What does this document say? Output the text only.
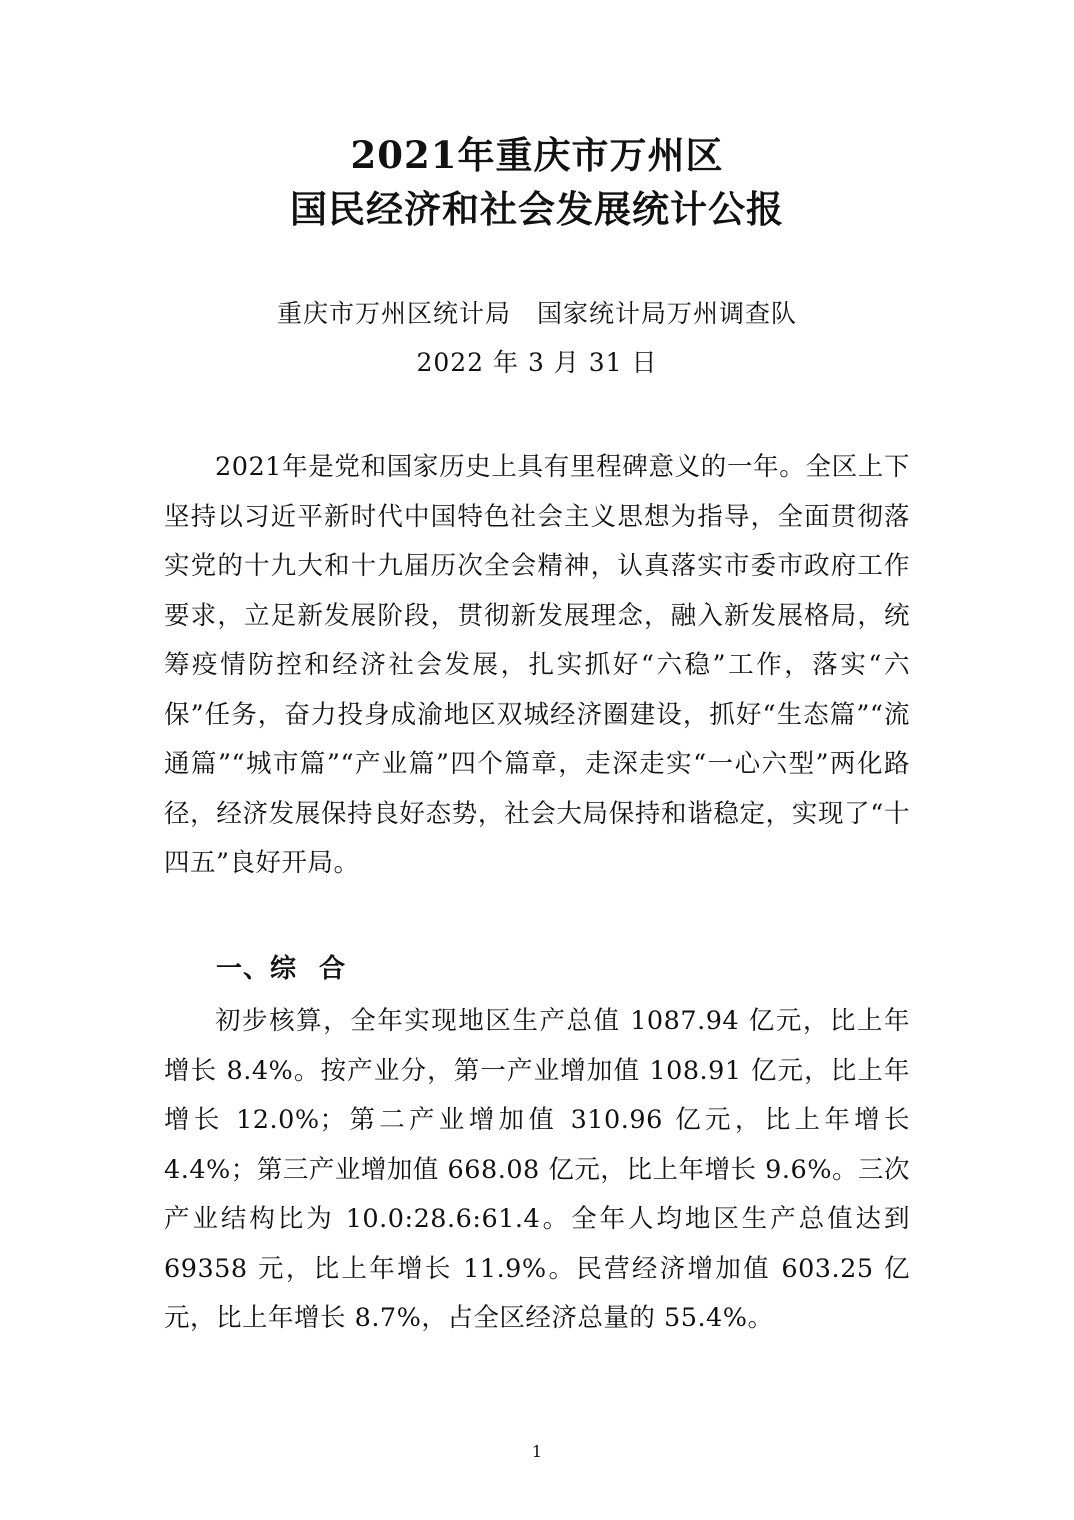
2021年重庆市万州区
国民经济和社会发展统计公报
重庆市万州区统计局　国家统计局万州调查队
2022 年 3 月 31 日

2021年是党和国家历史上具有里程碑意义的一年。全区上下坚持以习近平新时代中国特色社会主义思想为指导，全面贯彻落实党的十九大和十九届历次全会精神，认真落实市委市政府工作要求，立足新发展阶段，贯彻新发展理念，融入新发展格局，统筹疫情防控和经济社会发展，扎实抓好“六稳”工作，落实“六保”任务，奋力投身成渝地区双城经济圈建设，抓好“生态篇”“流通篇”“城市篇”“产业篇”四个篇章，走深走实“一心六型”两化路径，经济发展保持良好态势，社会大局保持和谐稳定，实现了“十四五”良好开局。

一、综 合

初步核算，全年实现地区生产总值 1087.94 亿元，比上年增长 8.4%。按产业分，第一产业增加值 108.91 亿元，比上年增长 12.0%；第二产业增加值 310.96 亿元，比上年增长 4.4%；第三产业增加值 668.08 亿元，比上年增长 9.6%。三次产业结构比为 10.0:28.6:61.4。全年人均地区生产总值达到 69358 元，比上年增长 11.9%。民营经济增加值 603.25 亿元，比上年增长 8.7%，占全区经济总量的 55.4%。

1
